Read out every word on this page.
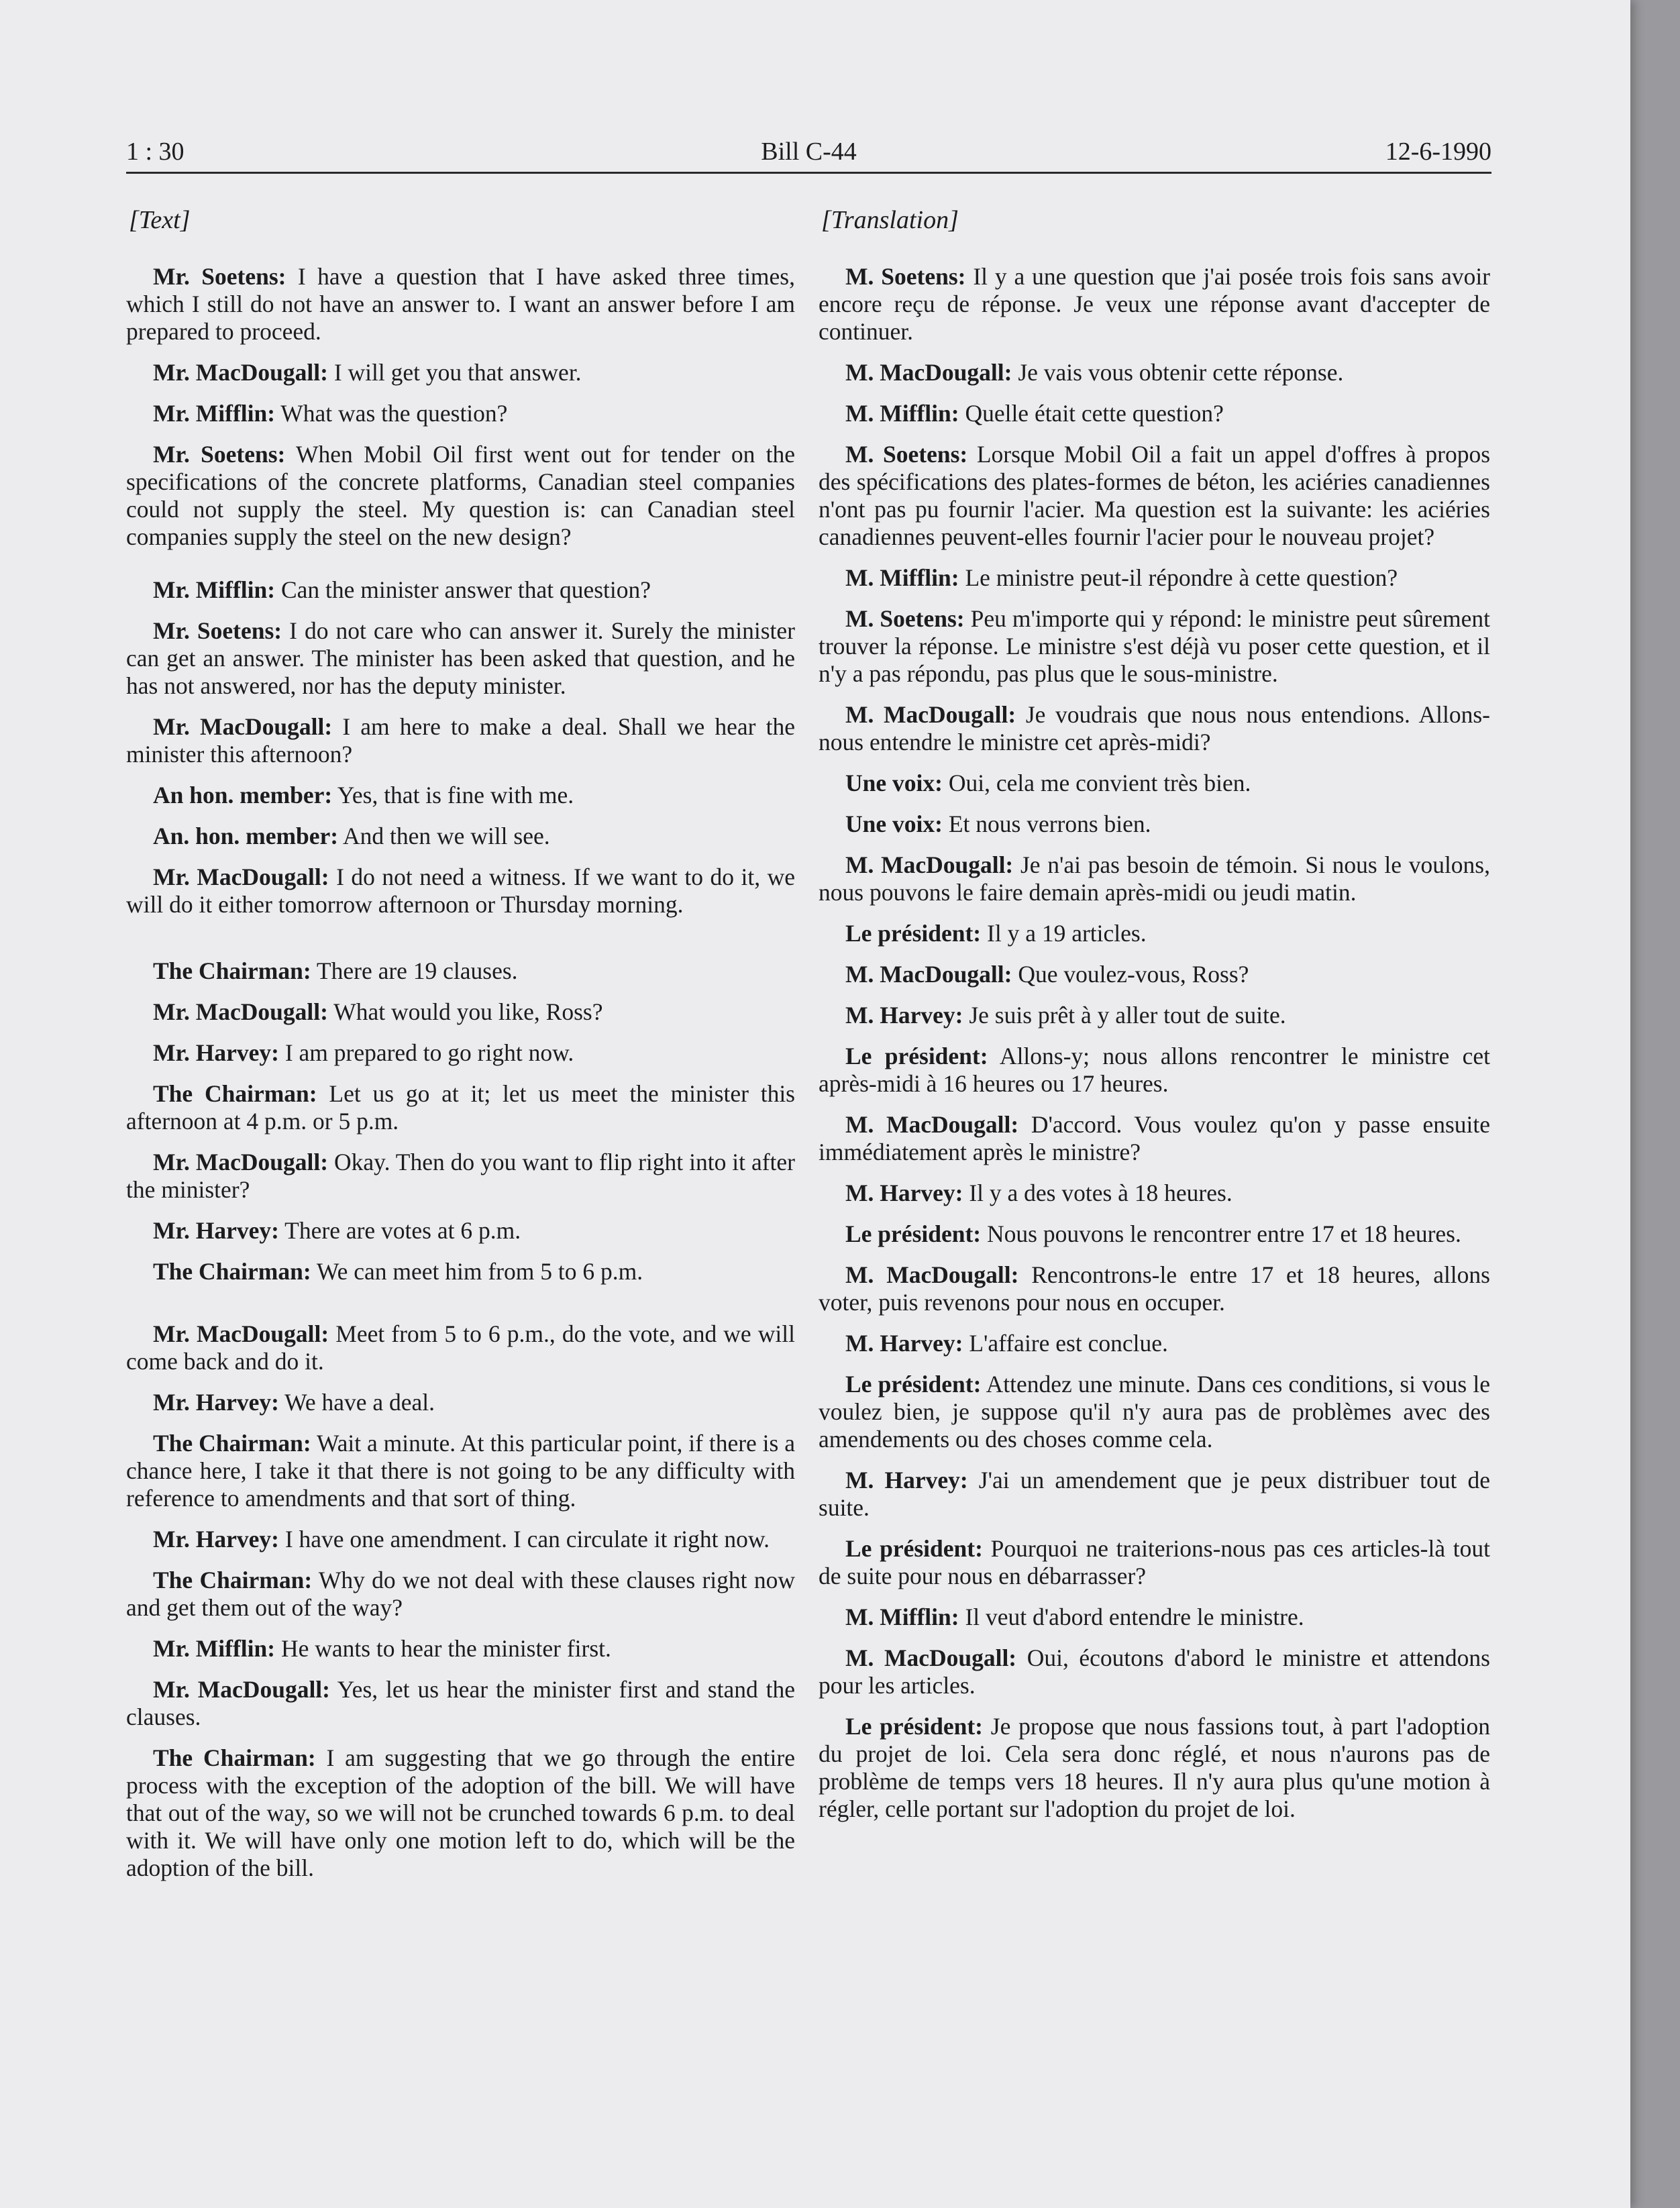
1 : 30	Bill C-44	12-6-1990
[Text]

Mr. Soetens: I have a question that I have asked three times, which I still do not have an answer to. I want an answer before I am prepared to proceed.

Mr. MacDougall: I will get you that answer.

Mr. Mifflin: What was the question?

Mr. Soetens: When Mobil Oil first went out for tender on the specifications of the concrete platforms, Canadian steel companies could not supply the steel. My question is: can Canadian steel companies supply the steel on the new design?

Mr. Mifflin: Can the minister answer that question?

Mr. Soetens: I do not care who can answer it. Surely the minister can get an answer. The minister has been asked that question, and he has not answered, nor has the deputy minister.

Mr. MacDougall: I am here to make a deal. Shall we hear the minister this afternoon?

An hon. member: Yes, that is fine with me.

An. hon. member: And then we will see.

Mr. MacDougall: I do not need a witness. If we want to do it, we will do it either tomorrow afternoon or Thursday morning.

The Chairman: There are 19 clauses.

Mr. MacDougall: What would you like, Ross?

Mr. Harvey: I am prepared to go right now.

The Chairman: Let us go at it; let us meet the minister this afternoon at 4 p.m. or 5 p.m.

Mr. MacDougall: Okay. Then do you want to flip right into it after the minister?

Mr. Harvey: There are votes at 6 p.m.

The Chairman: We can meet him from 5 to 6 p.m.

Mr. MacDougall: Meet from 5 to 6 p.m., do the vote, and we will come back and do it.

Mr. Harvey: We have a deal.

The Chairman: Wait a minute. At this particular point, if there is a chance here, I take it that there is not going to be any difficulty with reference to amendments and that sort of thing.

Mr. Harvey: I have one amendment. I can circulate it right now.

The Chairman: Why do we not deal with these clauses right now and get them out of the way?

Mr. Mifflin: He wants to hear the minister first.

Mr. MacDougall: Yes, let us hear the minister first and stand the clauses.

The Chairman: I am suggesting that we go through the entire process with the exception of the adoption of the bill. We will have that out of the way, so we will not be crunched towards 6 p.m. to deal with it. We will have only one motion left to do, which will be the adoption of the bill.

[Translation]

M. Soetens: Il y a une question que j'ai posée trois fois sans avoir encore reçu de réponse. Je veux une réponse avant d'accepter de continuer.

M. MacDougall: Je vais vous obtenir cette réponse.

M. Mifflin: Quelle était cette question?

M. Soetens: Lorsque Mobil Oil a fait un appel d'offres à propos des spécifications des plates-formes de béton, les aciéries canadiennes n'ont pas pu fournir l'acier. Ma question est la suivante: les aciéries canadiennes peuvent-elles fournir l'acier pour le nouveau projet?

M. Mifflin: Le ministre peut-il répondre à cette question?

M. Soetens: Peu m'importe qui y répond: le ministre peut sûrement trouver la réponse. Le ministre s'est déjà vu poser cette question, et il n'y a pas répondu, pas plus que le sous-ministre.

M. MacDougall: Je voudrais que nous nous entendions. Allons-nous entendre le ministre cet après-midi?

Une voix: Oui, cela me convient très bien.

Une voix: Et nous verrons bien.

M. MacDougall: Je n'ai pas besoin de témoin. Si nous le voulons, nous pouvons le faire demain après-midi ou jeudi matin.

Le président: Il y a 19 articles.

M. MacDougall: Que voulez-vous, Ross?

M. Harvey: Je suis prêt à y aller tout de suite.

Le président: Allons-y; nous allons rencontrer le ministre cet après-midi à 16 heures ou 17 heures.

M. MacDougall: D'accord. Vous voulez qu'on y passe ensuite immédiatement après le ministre?

M. Harvey: Il y a des votes à 18 heures.

Le président: Nous pouvons le rencontrer entre 17 et 18 heures.

M. MacDougall: Rencontrons-le entre 17 et 18 heures, allons voter, puis revenons pour nous en occuper.

M. Harvey: L'affaire est conclue.

Le président: Attendez une minute. Dans ces conditions, si vous le voulez bien, je suppose qu'il n'y aura pas de problèmes avec des amendements ou des choses comme cela.

M. Harvey: J'ai un amendement que je peux distribuer tout de suite.

Le président: Pourquoi ne traiterions-nous pas ces articles-là tout de suite pour nous en débarrasser?

M. Mifflin: Il veut d'abord entendre le ministre.

M. MacDougall: Oui, écoutons d'abord le ministre et attendons pour les articles.

Le président: Je propose que nous fassions tout, à part l'adoption du projet de loi. Cela sera donc réglé, et nous n'aurons pas de problème de temps vers 18 heures. Il n'y aura plus qu'une motion à régler, celle portant sur l'adoption du projet de loi.
